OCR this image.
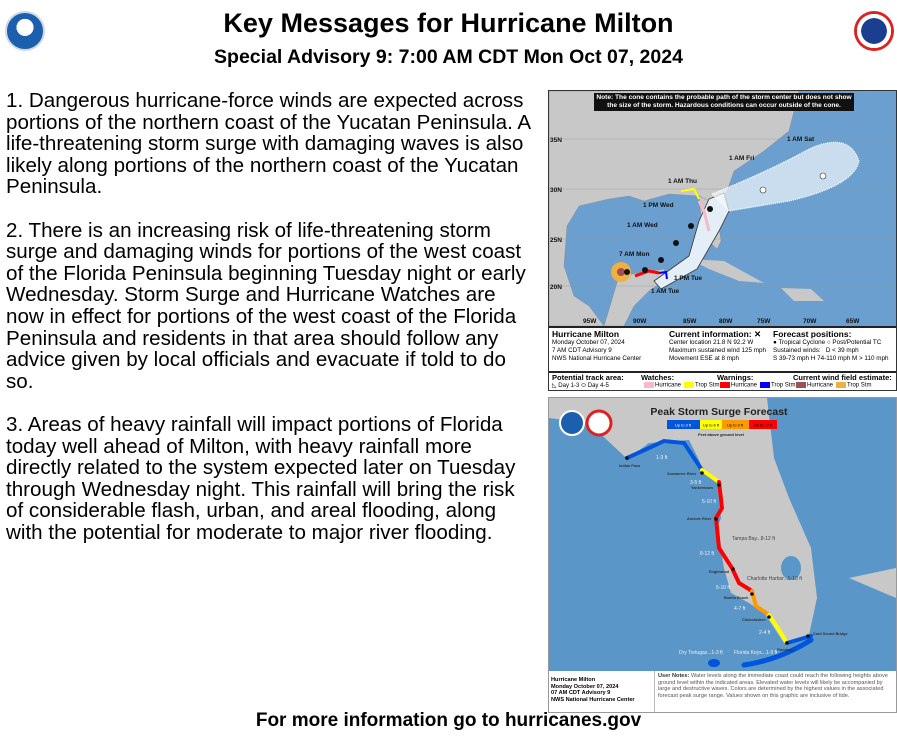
Key Messages for Hurricane Milton
Special Advisory 9: 7:00 AM CDT Mon Oct 07, 2024

1. Dangerous hurricane-force winds are expected across portions of the northern coast of the Yucatan Peninsula. A life-threatening storm surge with damaging waves is also likely along portions of the northern coast of the Yucatan Peninsula.

2. There is an increasing risk of life-threatening storm surge and damaging winds for portions of the west coast of the Florida Peninsula beginning Tuesday night or early Wednesday. Storm Surge and Hurricane Watches are now in effect for portions of the west coast of the Florida Peninsula and residents in that area should follow any advice given by local officials and evacuate if told to do so.

3. Areas of heavy rainfall will impact portions of Florida today well ahead of Milton, with heavy rainfall more directly related to the system expected later on Tuesday through Wednesday night. This rainfall will bring the risk of considerable flash, urban, and areal flooding, along with the potential for moderate to major river flooding.

35N
30N
25N
20N
95W	90W	85W	80W	75W	70W	65W
7 AM Mon
1 AM Tue
1 PM Tue
1 AM Wed
1 PM Wed
1 AM Thu
1 AM Fri
1 AM Sat
Note: The cone contains the probable path of the storm center but does not show the size of the storm. Hazardous conditions can occur outside of the cone.
Hurricane Milton
Monday October 07, 2024
7 AM CDT Advisory 9
NWS National Hurricane Center
Current information: ✕
Center location 21.8 N 92.2 W
Maximum sustained wind 125 mph
Movement ESE at 8 mph
Forecast positions:
● Tropical Cyclone ○ Post/Potential TC
Sustained winds: D < 39 mph
S 39-73 mph H 74-110 mph M > 110 mph
Potential track area:
◺ Day 1-3 ⬭ Day 4-5
Watches:
Hurricane Trop Stm
Warnings:
Hurricane Trop Stm
Current wind field estimate:
Hurricane Trop Stm
Peak Storm Surge Forecast
Up to 3 ft	Up to 6 ft Up to 9 ft	Up to 12 ft
Feet above ground level
Indian Pass
Suwannee River
Yankeetown
Anclote River
Englewood
Bonita Beach
Chokoloskee
Flamingo
Card Sound Bridge
1-3 ft
3-5 ft
5-10 ft
8-12 ft
5-10 ft
4-7 ft
2-4 ft
Tampa Bay...8-12 ft
Charlotte Harbor...5-10 ft
Dry Tortugas...1-3 ft Florida Keys...1-3 ft
Hurricane Milton
Monday October 07, 2024
07 AM CDT Advisory 9
NWS National Hurricane Center
User Notes: Water levels along the immediate coast could reach the following heights above ground level within the indicated areas. Elevated water levels will likely be accompanied by large and destructive waves. Colors are determined by the highest values in the associated forecast peak surge range. Values shown on this graphic are inclusive of tide.
For more information go to hurricanes.gov
